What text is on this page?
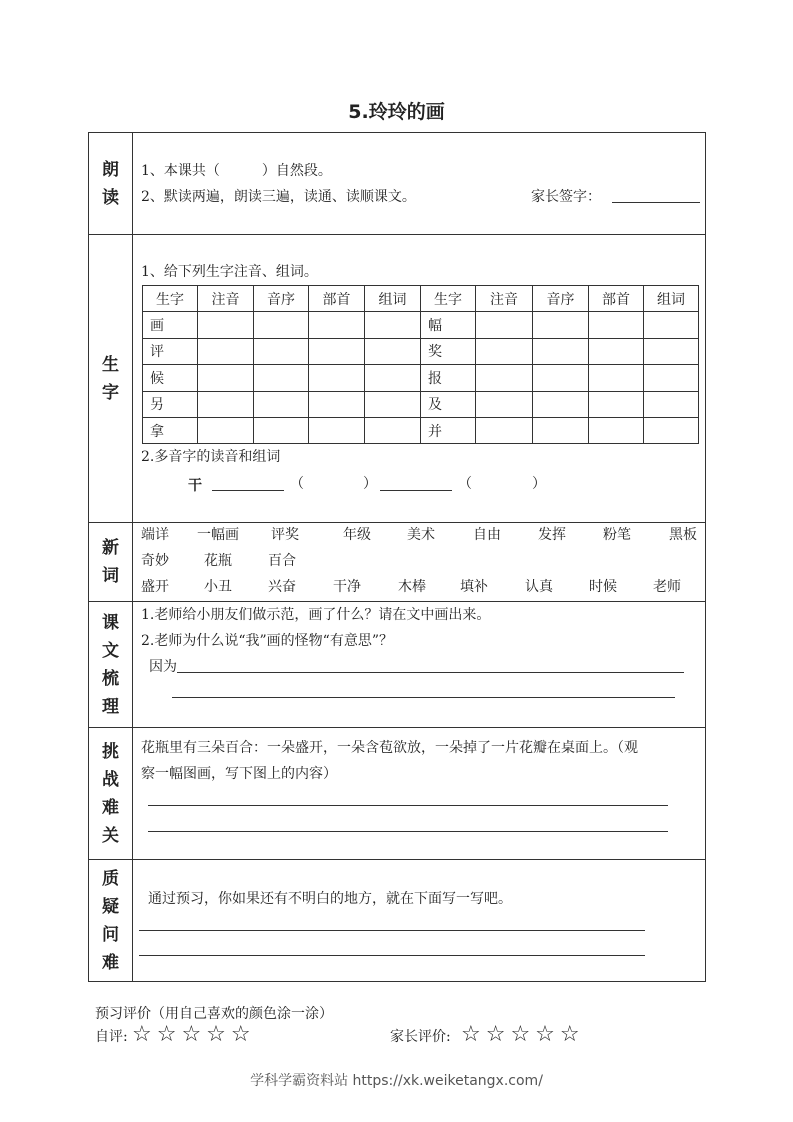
5.玲玲的画
朗读
1、本课共（　　　）自然段。
2、默读两遍，朗读三遍，读通、读顺课文。	家长签字：
生字
1、给下列生字注音、组词。
生字	注音	音序	部首	组词	生字	注音	音序	部首	组词
画					幅				
评					奖				
候					报				
另					及				
拿					并				
2.多音字的读音和组词
干	（	）	（	）
新词
端详 一幅画 评奖	年级	美术	自由	发挥	粉笔	黑板
奇妙	花瓶	百合
盛开	小丑	兴奋	干净	木棒 填补	认真	时候	老师
课文梳理
1.老师给小朋友们做示范，画了什么？请在文中画出来。
2.老师为什么说“我”画的怪物“有意思”？
因为
挑战难关
花瓶里有三朵百合：一朵盛开，一朵含苞欲放，一朵掉了一片花瓣在桌面上。（观
察一幅图画，写下图上的内容）
质疑问难
通过预习，你如果还有不明白的地方，就在下面写一写吧。
预习评价（用自己喜欢的颜色涂一涂）
自评: ☆☆☆☆☆	家长评价: ☆☆☆☆☆
学科学霸资料站 https://xk.weiketangx.com/
